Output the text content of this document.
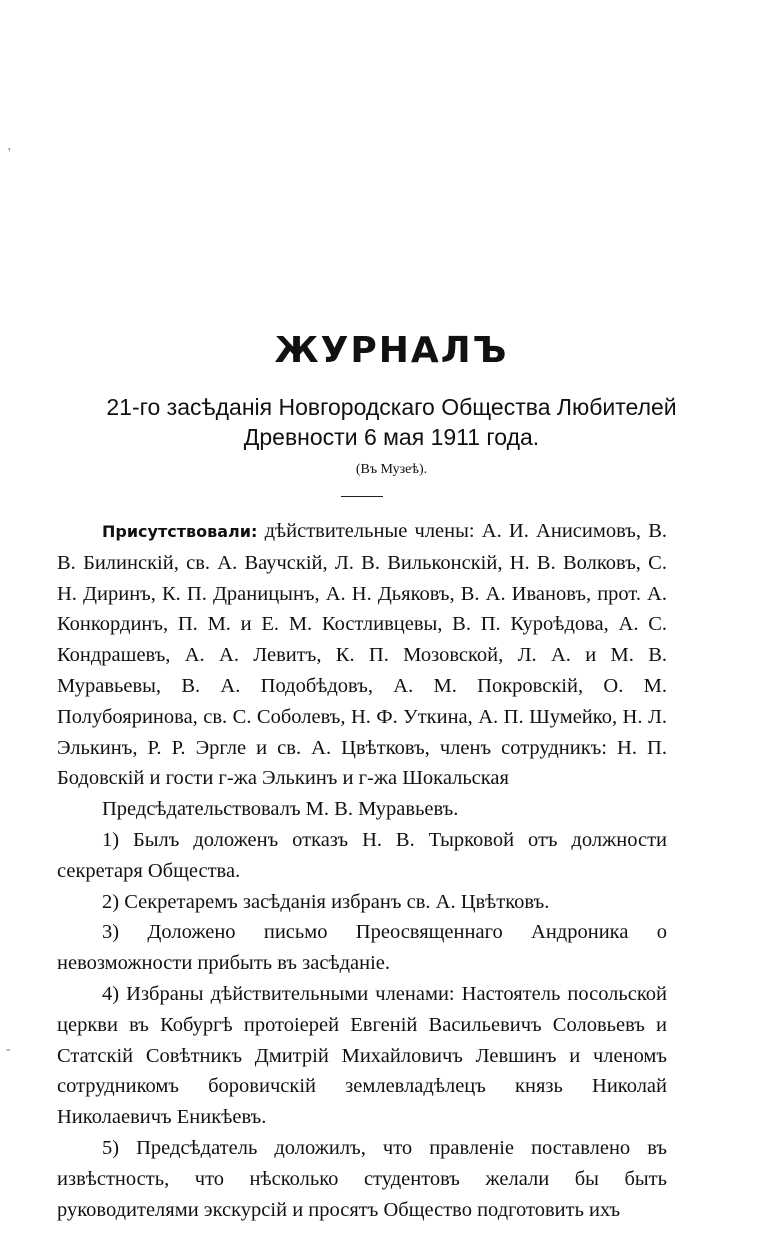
'
-
ЖУРНАЛЪ
21-го засѣданія Новгородскаго Общества Любителей
Древности 6 мая 1911 года.
(Въ Музеѣ).

Присутствовали: дѣйствительные члены: А. И. Анисимовъ, В. В. Билинскій, св. А. Ваучскій, Л. В. Вильконскій, Н. В. Волковъ, С. Н. Диринъ, К. П. Драницынъ, А. Н. Дьяковъ, В. А. Ивановъ, прот. А. Конкординъ, П. М. и Е. М. Костливцевы, В. П. Куроѣдова, А. С. Кондрашевъ, А. А. Левитъ, К. П. Мозовской, Л. А. и М. В. Муравьевы, В. А. Подобѣдовъ, А. М. Покровскій, О. М. Полубояринова, св. С. Соболевъ, Н. Ф. Уткина, А. П. Шумейко, Н. Л. Элькинъ, Р. Р. Эргле и св. А. Цвѣтковъ, членъ сотрудникъ: Н. П. Бодовскій и гости г-жа Элькинъ и г-жа Шокальская

Предсѣдательствовалъ М. В. Муравьевъ.

1) Былъ доложенъ отказъ Н. В. Тырковой отъ должности секретаря Общества.

2) Секретаремъ засѣданія избранъ св. А. Цвѣтковъ.

3) Доложено письмо Преосвященнаго Андроника о невозможности прибыть въ засѣданіе.

4) Избраны дѣйствительными членами: Настоятель посольской церкви въ Кобургѣ протоіерей Евгеній Васильевичъ Соловьевъ и Статскій Совѣтникъ Дмитрій Михайловичъ Левшинъ и членомъ сотрудникомъ боровичскій землевладѣлецъ князь Николай Николаевичъ Еникѣевъ.

5) Предсѣдатель доложилъ, что правленіе поставлено въ извѣстность, что нѣсколько студентовъ желали бы быть руководителями экскурсій и просятъ Общество подготовить ихъ
